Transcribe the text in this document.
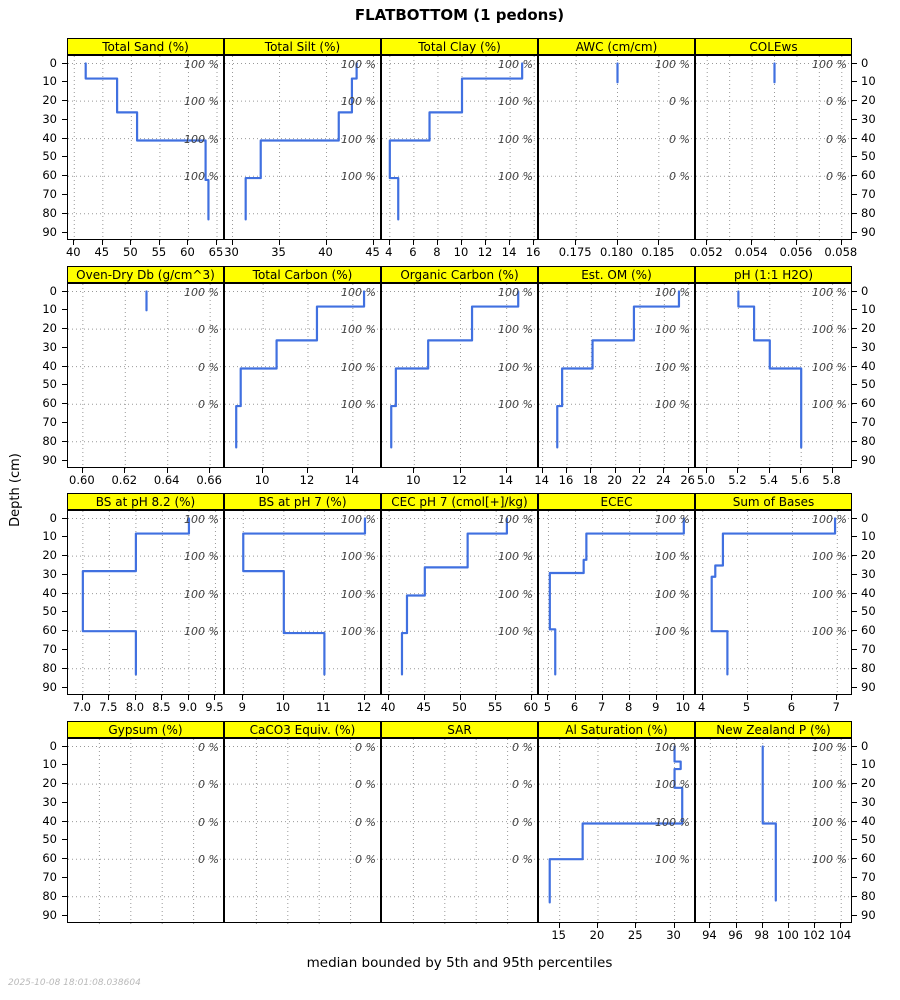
FLATBOTTOM (1 pedons)
Depth (cm)
Total Sand (%)
100 %
100 %
100 %
100 %
40	45	50	55	60	65
0
10
20
30
40
50
60
70
80
90
Total Silt (%)
100 %
100 %
100 %
100 %
30	35	40	45
Total Clay (%)
100 %
100 %
100 %
100 %
4	6	8	10 12 14 16
AWC (cm/cm)
100 %
0 %
0 %
0 %
0.175 0.180 0.185
COLEws
100 %
0 %
0 %
0 %
0.052	0.054	0.056	0.058
0
10
20
30
40
50
60
70
80
90
Oven-Dry Db (g/cm^3)
100 %
0 %
0 %
0 %
0.60	0.62	0.64	0.66
0
10
20
30
40
50
60
70
80
90
Total Carbon (%)
100 %
100 %
100 %
100 %
10	12	14
Organic Carbon (%)
100 %
100 %
100 %
100 %
10	12	14
Est. OM (%)
100 %
100 %
100 %
100 %
14 16 18 20 22 24 26
pH (1:1 H2O)
100 %
100 %
100 %
100 %
5.0	5.2	5.4	5.6	5.8
0
10
20
30
40
50
60
70
80
90
BS at pH 8.2 (%)
100 %
100 %
100 %
100 %
7.0 7.5 8.0 8.5 9.0 9.5
0
10
20
30
40
50
60
70
80
90
BS at pH 7 (%)
100 %
100 %
100 %
100 %
9	10	11	12
CEC pH 7 (cmol[+]/kg)
100 %
100 %
100 %
100 %
40	45	50	55	60
ECEC
100 %
100 %
100 %
100 %
5	6	7	8	9	10
Sum of Bases
100 %
100 %
100 %
100 %
4	5	6	7
0
10
20
30
40
50
60
70
80
90
Gypsum (%)
0 %
0 %
0 %
0 %
0
10
20
30
40
50
60
70
80
90
CaCO3 Equiv. (%)
0 %
0 %
0 %
0 %
SAR
0 %
0 %
0 %
0 %
Al Saturation (%)
100 %
100 %
100 %
100 %
15	20	25	30
New Zealand P (%)
100 %
100 %
100 %
100 %
94	96	98 100 102 104
0
10
20
30
40
50
60
70
80
90
median bounded by 5th and 95th percentiles
2025-10-08 18:01:08.038604
